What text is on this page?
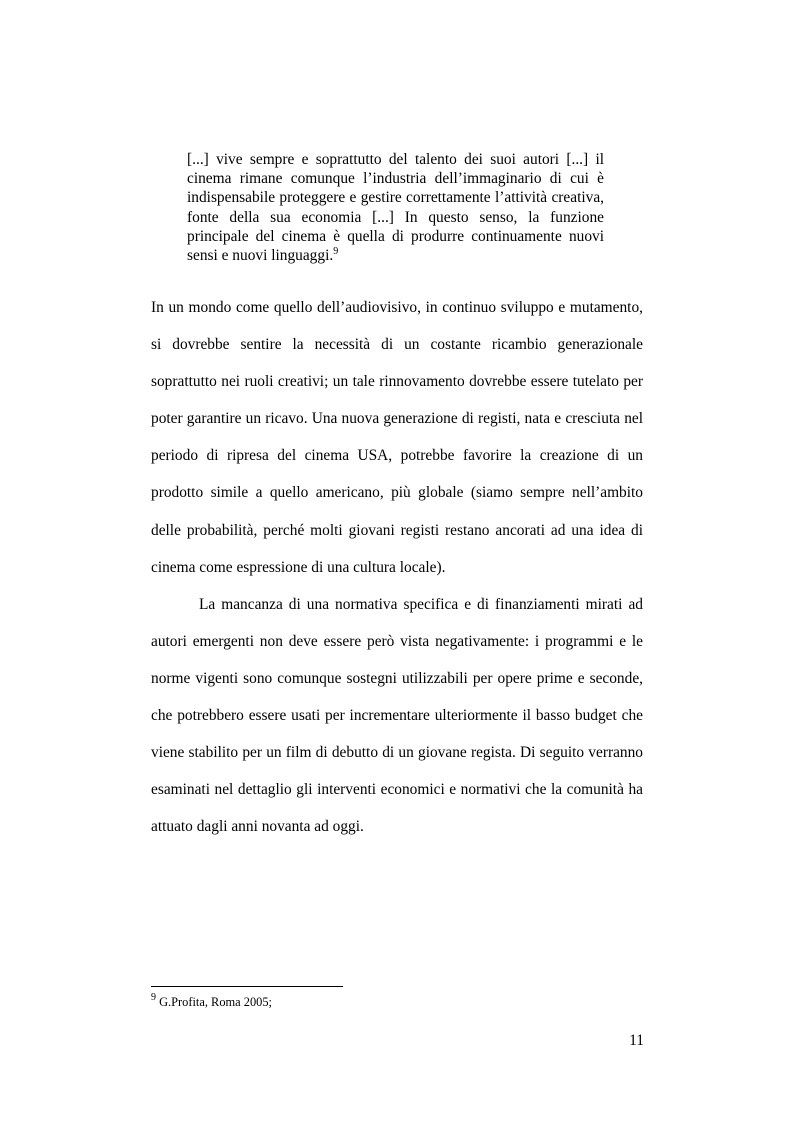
[...] vive sempre e soprattutto del talento dei suoi autori [...] il cinema rimane comunque l’industria dell’immaginario di cui è indispensabile proteggere e gestire correttamente l’attività creativa, fonte della sua economia [...] In questo senso, la funzione principale del cinema è quella di produrre continuamente nuovi sensi e nuovi linguaggi.$^9$

In un mondo come quello dell’audiovisivo, in continuo sviluppo e mutamento, si dovrebbe sentire la necessità di un costante ricambio generazionale soprattutto nei ruoli creativi; un tale rinnovamento dovrebbe essere tutelato per poter garantire un ricavo. Una nuova generazione di registi, nata e cresciuta nel periodo di ripresa del cinema USA, potrebbe favorire la creazione di un prodotto simile a quello americano, più globale (siamo sempre nell’ambito delle probabilità, perché molti giovani registi restano ancorati ad una idea di cinema come espressione di una cultura locale).

La mancanza di una normativa specifica e di finanziamenti mirati ad autori emergenti non deve essere però vista negativamente: i programmi e le norme vigenti sono comunque sostegni utilizzabili per opere prime e seconde, che potrebbero essere usati per incrementare ulteriormente il basso budget che viene stabilito per un film di debutto di un giovane regista. Di seguito verranno esaminati nel dettaglio gli interventi economici e normativi che la comunità ha attuato dagli anni novanta ad oggi.

$^9$ G.Profita, Roma 2005;

11
